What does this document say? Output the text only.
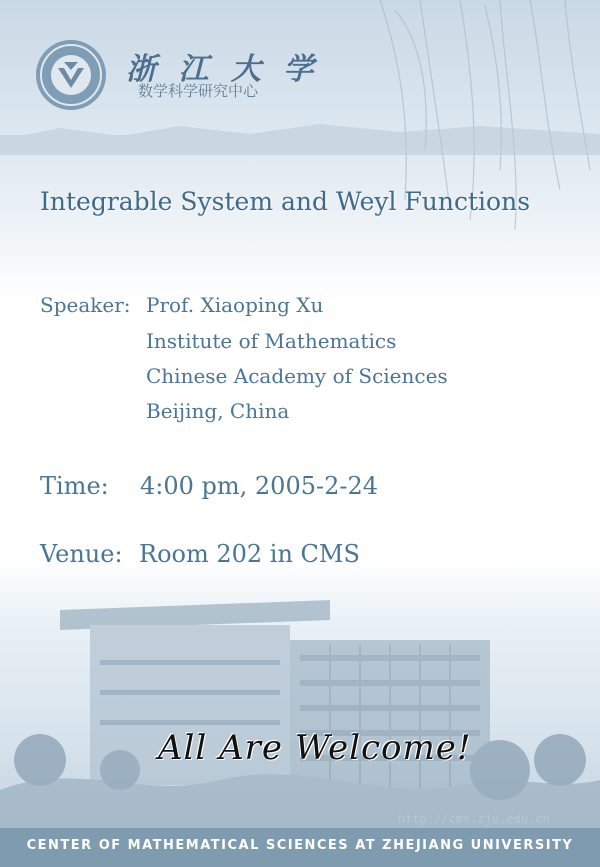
浙 江 大 学
数学科学研究中心
Integrable System and Weyl Functions
Speaker: Prof. Xiaoping Xu
Institute of Mathematics
Chinese Academy of Sciences
Beijing, China
Time: 4:00 pm, 2005-2-24
Venue: Room 202 in CMS
All Are Welcome!
http://cms.zju.edu.cn
CENTER OF MATHEMATICAL SCIENCES AT ZHEJIANG UNIVERSITY
